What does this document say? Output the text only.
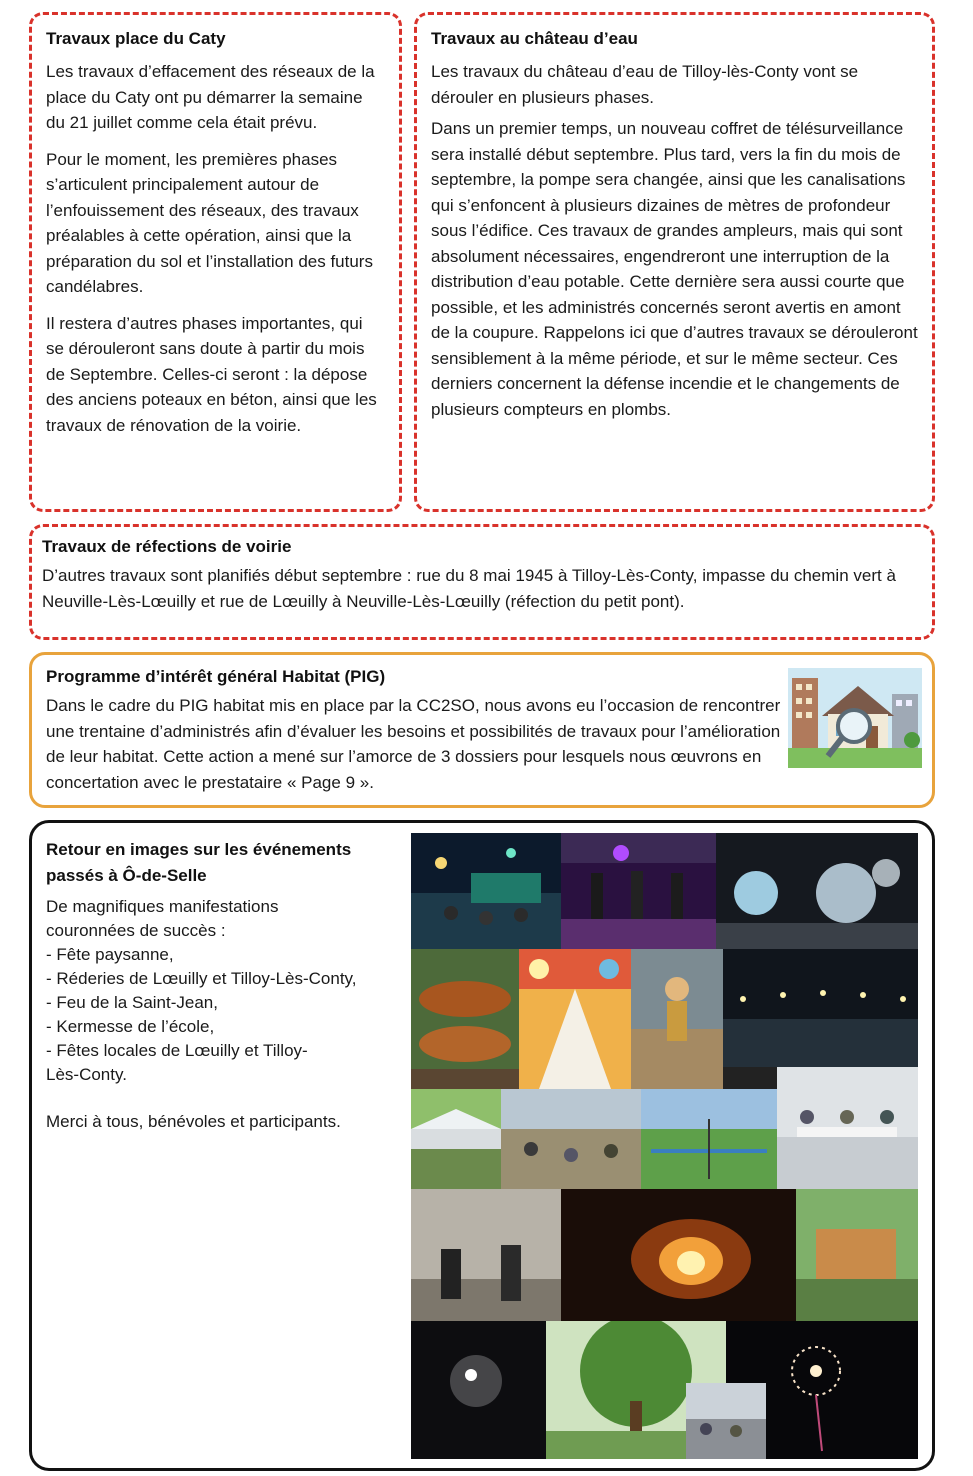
Travaux place du Caty

Les travaux d’effacement des réseaux de la place du Caty ont pu démarrer la semaine du 21 juillet comme cela était prévu.

Pour le moment, les premières phases s’articulent principalement autour de l’enfouissement des réseaux, des travaux préalables à cette opération, ainsi que la préparation du sol et l’installation des futurs candélabres.

Il restera d’autres phases importantes, qui se dérouleront sans doute à partir du mois de Septembre. Celles-ci seront : la dépose des anciens poteaux en béton, ainsi que les travaux de rénovation de la voirie.

Travaux au château d’eau

Les travaux du château d’eau de Tilloy-lès-Conty vont se dérouler en plusieurs phases.

Dans un premier temps, un nouveau coffret de télésurveillance sera installé début septembre. Plus tard, vers la fin du mois de septembre, la pompe sera changée, ainsi que les canalisations qui s’enfoncent à plusieurs dizaines de mètres de profondeur sous l’édifice. Ces travaux de grandes ampleurs, mais qui sont absolument nécessaires, engendreront une interruption de la distribution d’eau potable. Cette dernière sera aussi courte que possible, et les administrés concernés seront avertis en amont de la coupure. Rappelons ici que d’autres travaux se dérouleront sensiblement à la même période, et sur le même secteur. Ces derniers concernent la défense incendie et le changements de plusieurs compteurs en plombs.

Travaux de réfections de voirie

D’autres travaux sont planifiés début septembre : rue du 8 mai 1945 à Tilloy-Lès-Conty, impasse du chemin vert à Neuville-Lès-Lœuilly et rue de Lœuilly à Neuville-Lès-Lœuilly (réfection du petit pont).

Programme d’intérêt général Habitat (PIG)

Dans le cadre du PIG habitat mis en place par la CC2SO, nous avons eu l’occasion de rencontrer une trentaine d’administrés afin d’évaluer les besoins et possibilités de travaux pour l’amélioration de leur habitat. Cette action a mené sur l’amorce de 3 dossiers pour lesquels nous œuvrons en concertation avec le prestataire « Page 9 ».

Retour en images sur les événements passés à Ô-de-Selle

De magnifiques manifestations couronnées de succès :

- Fête paysanne,
- Réderies de Lœuilly et Tilloy-Lès-Conty,
- Feu de la Saint-Jean,
- Kermesse de l’école,
- Fêtes locales de Lœuilly et Tilloy-Lès-Conty.

Merci à tous, bénévoles et participants.
